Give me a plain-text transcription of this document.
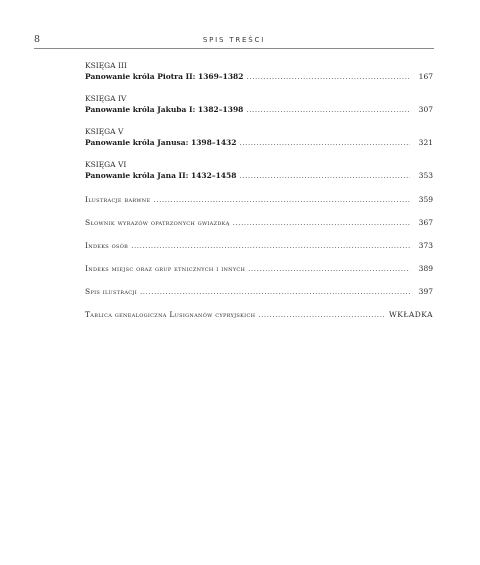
8	SPIS TREŚCI
KSIĘGA III
Panowanie króla Piotra II: 1369–1382 .....	167
KSIĘGA IV
Panowanie króla Jakuba I: 1382–1398 .....	307
KSIĘGA V
Panowanie króla Janusa: 1398–1432 .....	321
KSIĘGA VI
Panowanie króla Jana II: 1432–1458 .....	353
Ilustracje barwne .....	359
Słownik wyrazów opatrzonych gwiazdką .....	367
Indeks osób .....	373
Indeks miejsc oraz grup etnicznych i innych .....	389
Spis ilustracji .....	397
Tablica genealogiczna Lusignanów cypryjskich .....	WKŁADKA
